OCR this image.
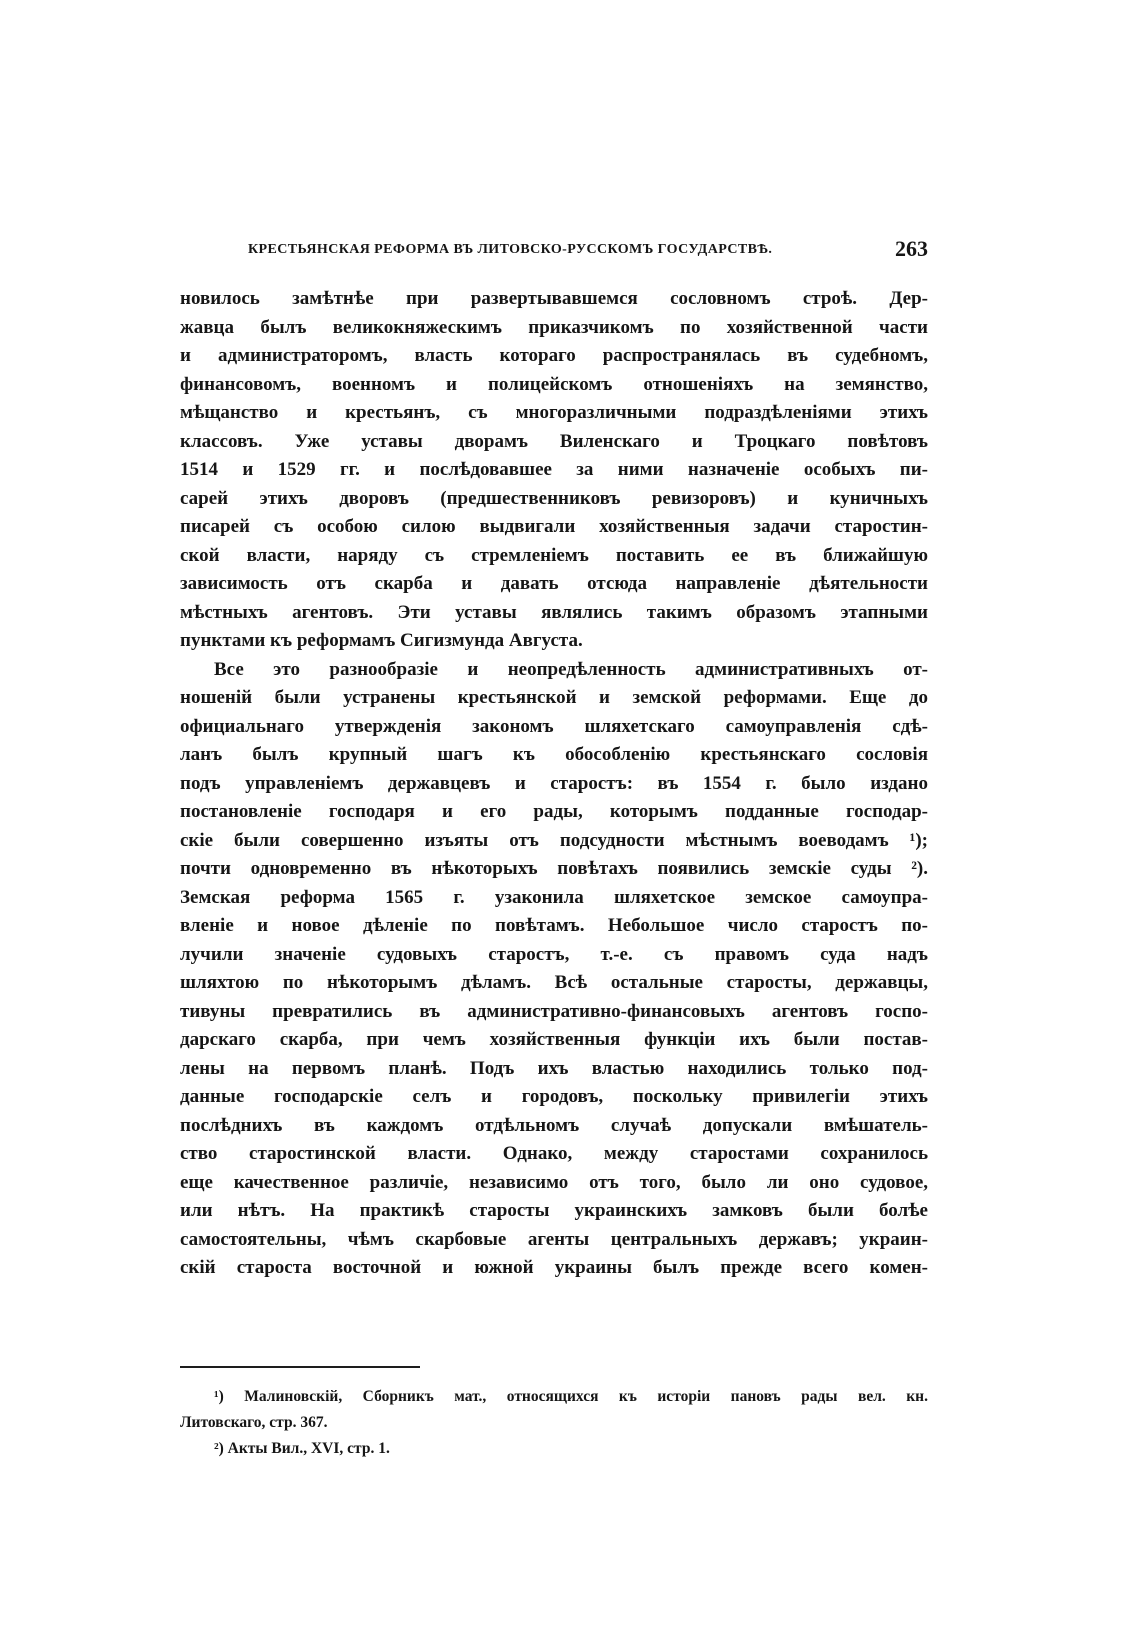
КРЕСТЬЯНСКАЯ РЕФОРМА ВЪ ЛИТОВСКО-РУССКОМЪ ГОСУДАРСТВѢ.	263
новилось замѣтнѣе при развертывавшемся сословномъ строѣ. Дер-
жавца былъ великокняжескимъ приказчикомъ по хозяйственной части
и администраторомъ, власть котораго распространялась въ судебномъ,
финансовомъ, военномъ и полицейскомъ отношеніяхъ на земянство,
мѣщанство и крестьянъ, съ многоразличными подраздѣленіями этихъ
классовъ. Уже уставы дворамъ Виленскаго и Троцкаго повѣтовъ
1514 и 1529 гг. и послѣдовавшее за ними назначеніе особыхъ пи-
сарей этихъ дворовъ (предшественниковъ ревизоровъ) и куничныхъ
писарей съ особою силою выдвигали хозяйственныя задачи старостин-
ской власти, наряду съ стремленіемъ поставить ее въ ближайшую
зависимость отъ скарба и давать отсюда направленіе дѣятельности
мѣстныхъ агентовъ. Эти уставы являлись такимъ образомъ этапными
пунктами къ реформамъ Сигизмунда Августа.
Все это разнообразіе и неопредѣленность административныхъ от-
ношеній были устранены крестьянской и земской реформами. Еще до
официальнаго утвержденія закономъ шляхетскаго самоуправленія сдѣ-
ланъ былъ крупный шагъ къ обособленію крестьянскаго сословія
подъ управленіемъ державцевъ и старостъ: въ 1554 г. было издано
постановленіе господаря и его рады, которымъ подданные господар-
скіе были совершенно изъяты отъ подсудности мѣстнымъ воеводамъ ¹);
почти одновременно въ нѣкоторыхъ повѣтахъ появились земскіе суды ²).
Земская реформа 1565 г. узаконила шляхетское земское самоупра-
вленіе и новое дѣленіе по повѣтамъ. Небольшое число старостъ по-
лучили значеніе судовыхъ старостъ, т.-е. съ правомъ суда надъ
шляхтою по нѣкоторымъ дѣламъ. Всѣ остальные старосты, державцы,
тивуны превратились въ административно-финансовыхъ агентовъ госпо-
дарскаго скарба, при чемъ хозяйственныя функціи ихъ были постав-
лены на первомъ планѣ. Подъ ихъ властью находились только под-
данные господарскіе селъ и городовъ, поскольку привилегіи этихъ
послѣднихъ въ каждомъ отдѣльномъ случаѣ допускали вмѣшатель-
ство старостинской власти. Однако, между старостами сохранилось
еще качественное различіе, независимо отъ того, было ли оно судовое,
или нѣтъ. На практикѣ старосты украинскихъ замковъ были болѣе
самостоятельны, чѣмъ скарбовые агенты центральныхъ державъ; украин-
скій староста восточной и южной украины былъ прежде всего комен-
¹) Малиновскій, Сборникъ мат., относящихся къ исторіи пановъ рады вел. кн.
Литовскаго, стр. 367.
²) Акты Вил., XVI, стр. 1.
